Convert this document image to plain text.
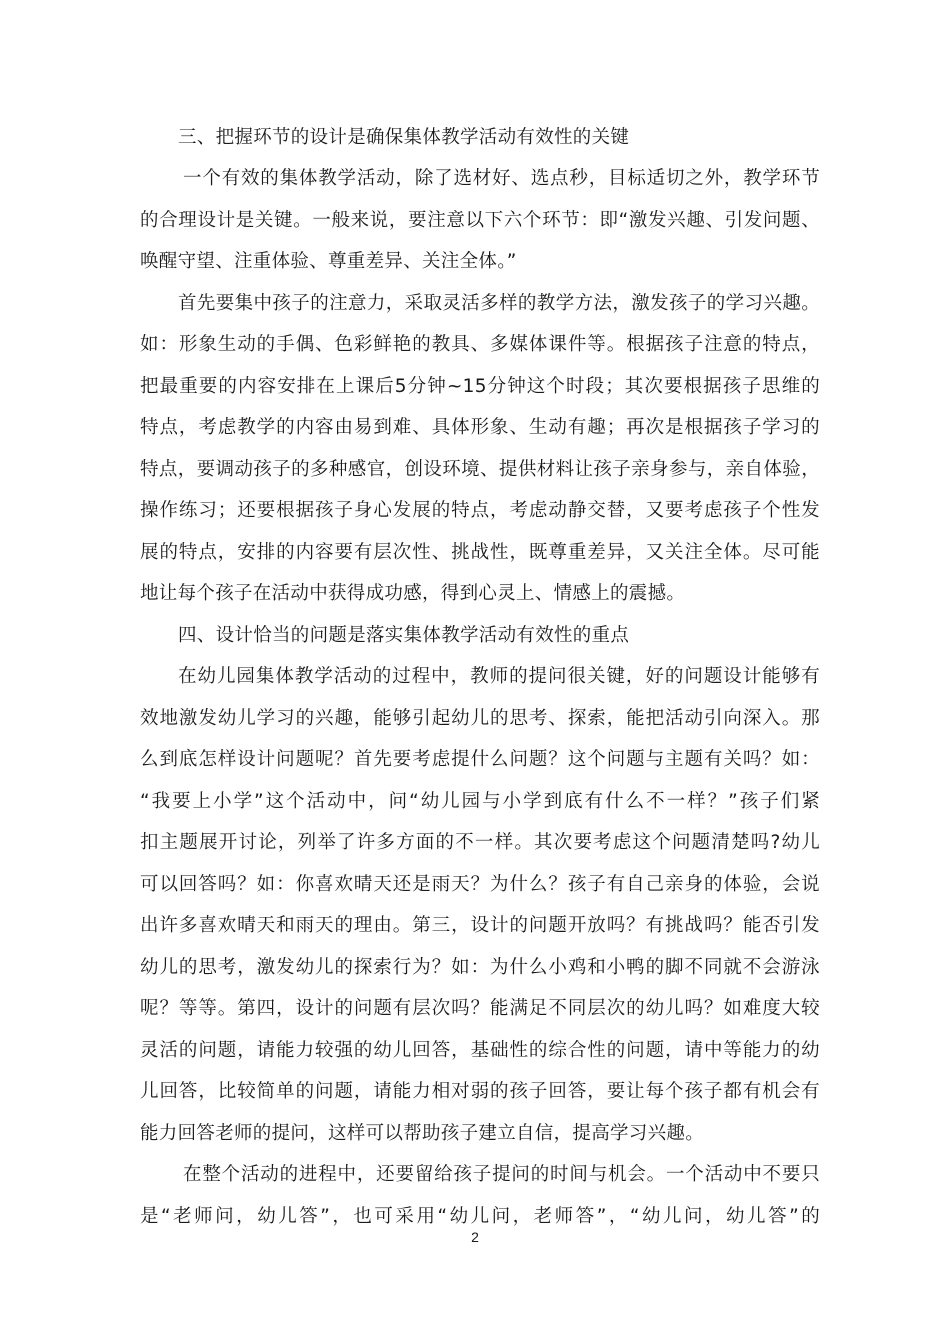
三、把握环节的设计是确保集体教学活动有效性的关键
一个有效的集体教学活动，除了选材好、选点秒，目标适切之外，教学环节
的合理设计是关键。一般来说，要注意以下六个环节：即“激发兴趣、引发问题、
唤醒守望、注重体验、尊重差异、关注全体。”
首先要集中孩子的注意力，采取灵活多样的教学方法，激发孩子的学习兴趣。
如：形象生动的手偶、色彩鲜艳的教具、多媒体课件等。根据孩子注意的特点，
把最重要的内容安排在上课后5分钟~15分钟这个时段；其次要根据孩子思维的
特点，考虑教学的内容由易到难、具体形象、生动有趣；再次是根据孩子学习的
特点，要调动孩子的多种感官，创设环境、提供材料让孩子亲身参与，亲自体验，
操作练习；还要根据孩子身心发展的特点，考虑动静交替，又要考虑孩子个性发
展的特点，安排的内容要有层次性、挑战性，既尊重差异，又关注全体。尽可能
地让每个孩子在活动中获得成功感，得到心灵上、情感上的震撼。
四、设计恰当的问题是落实集体教学活动有效性的重点
在幼儿园集体教学活动的过程中，教师的提问很关键，好的问题设计能够有
效地激发幼儿学习的兴趣，能够引起幼儿的思考、探索，能把活动引向深入。那
么到底怎样设计问题呢？首先要考虑提什么问题？这个问题与主题有关吗？如：
“我要上小学”这个活动中，问“幼儿园与小学到底有什么不一样？”孩子们紧
扣主题展开讨论，列举了许多方面的不一样。其次要考虑这个问题清楚吗?幼儿
可以回答吗？如：你喜欢晴天还是雨天？为什么？孩子有自己亲身的体验，会说
出许多喜欢晴天和雨天的理由。第三，设计的问题开放吗？有挑战吗？能否引发
幼儿的思考，激发幼儿的探索行为？如：为什么小鸡和小鸭的脚不同就不会游泳
呢？等等。第四，设计的问题有层次吗？能满足不同层次的幼儿吗？如难度大较
灵活的问题，请能力较强的幼儿回答，基础性的综合性的问题，请中等能力的幼
儿回答，比较简单的问题，请能力相对弱的孩子回答，要让每个孩子都有机会有
能力回答老师的提问，这样可以帮助孩子建立自信，提高学习兴趣。
在整个活动的进程中，还要留给孩子提问的时间与机会。一个活动中不要只
是“老师问，幼儿答”，也可采用“幼儿问，老师答”，“幼儿问，幼儿答”的
2
